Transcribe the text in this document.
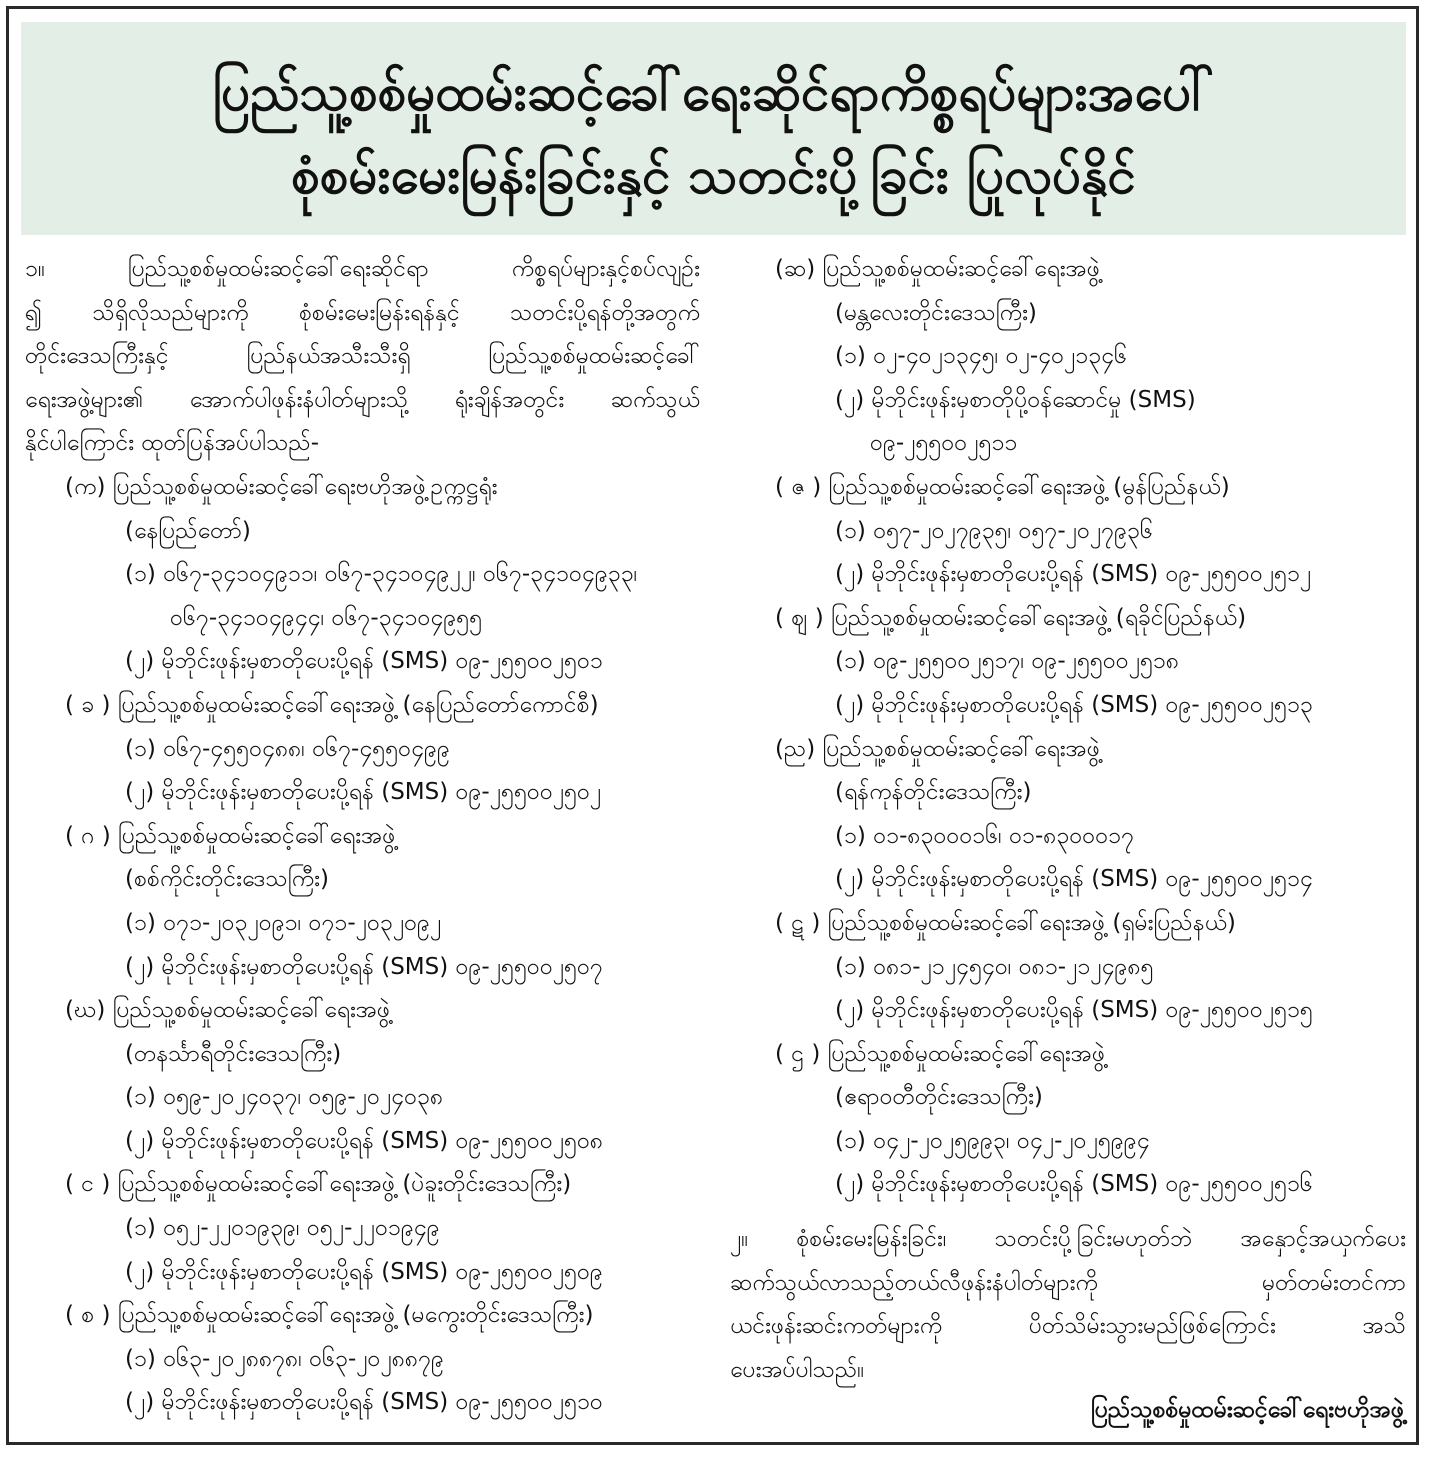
ပြည်သူ့စစ်မှုထမ်းဆင့်ခေါ်ရေးဆိုင်ရာကိစ္စရပ်များအပေါ်
စုံစမ်းမေးမြန်းခြင်းနှင့် သတင်းပို့ခြင်း ပြုလုပ်နိုင်
၁။ ပြည်သူ့စစ်မှုထမ်းဆင့်ခေါ်ရေးဆိုင်ရာ ကိစ္စရပ်များနှင့်စပ်လျဉ်း
၍ သိရှိလိုသည်များကို စုံစမ်းမေးမြန်းရန်နှင့် သတင်းပို့ရန်တို့အတွက်
တိုင်းဒေသကြီးနှင့် ပြည်နယ်အသီးသီးရှိ ပြည်သူ့စစ်မှုထမ်းဆင့်ခေါ်
ရေးအဖွဲ့များ၏ အောက်ပါဖုန်းနံပါတ်များသို့ ရုံးချိန်အတွင်း ဆက်သွယ်
နိုင်ပါကြောင်း ထုတ်ပြန်အပ်ပါသည်-
(က) ပြည်သူ့စစ်မှုထမ်းဆင့်ခေါ်ရေးဗဟိုအဖွဲ့ဥက္ကဋ္ဌရုံး
(နေပြည်တော်)
(၁) ၀၆၇-၃၄၁၀၄၉၁၁၊ ၀၆၇-၃၄၁၀၄၉၂၂၊ ၀၆၇-၃၄၁၀၄၉၃၃၊
၀၆၇-၃၄၁၀၄၉၄၄၊ ၀၆၇-၃၄၁၀၄၉၅၅
(၂) မိုဘိုင်းဖုန်းမှစာတိုပေးပို့ရန် (SMS) ၀၉-၂၅၅၀၀၂၅၀၁
( ခ ) ပြည်သူ့စစ်မှုထမ်းဆင့်ခေါ်ရေးအဖွဲ့ (နေပြည်တော်ကောင်စီ)
(၁) ၀၆၇-၄၅၅၀၄၈၈၊ ၀၆၇-၄၅၅၀၄၉၉
(၂) မိုဘိုင်းဖုန်းမှစာတိုပေးပို့ရန် (SMS) ၀၉-၂၅၅၀၀၂၅၀၂
( ဂ ) ပြည်သူ့စစ်မှုထမ်းဆင့်ခေါ်ရေးအဖွဲ့
(စစ်ကိုင်းတိုင်းဒေသကြီး)
(၁) ၀၇၁-၂၀၃၂၀၉၁၊ ၀၇၁-၂၀၃၂၀၉၂
(၂) မိုဘိုင်းဖုန်းမှစာတိုပေးပို့ရန် (SMS) ၀၉-၂၅၅၀၀၂၅၀၇
(ဃ) ပြည်သူ့စစ်မှုထမ်းဆင့်ခေါ်ရေးအဖွဲ့
(တနင်္သာရီတိုင်းဒေသကြီး)
(၁) ၀၅၉-၂၀၂၄၀၃၇၊ ၀၅၉-၂၀၂၄၀၃၈
(၂) မိုဘိုင်းဖုန်းမှစာတိုပေးပို့ရန် (SMS) ၀၉-၂၅၅၀၀၂၅၀၈
( င ) ပြည်သူ့စစ်မှုထမ်းဆင့်ခေါ်ရေးအဖွဲ့ (ပဲခူးတိုင်းဒေသကြီး)
(၁) ၀၅၂-၂၂၀၁၉၃၉၊ ၀၅၂-၂၂၀၁၉၄၉
(၂) မိုဘိုင်းဖုန်းမှစာတိုပေးပို့ရန် (SMS) ၀၉-၂၅၅၀၀၂၅၀၉
( စ ) ပြည်သူ့စစ်မှုထမ်းဆင့်ခေါ်ရေးအဖွဲ့ (မကွေးတိုင်းဒေသကြီး)
(၁) ၀၆၃-၂၀၂၈၈၇၈၊ ၀၆၃-၂၀၂၈၈၇၉
(၂) မိုဘိုင်းဖုန်းမှစာတိုပေးပို့ရန် (SMS) ၀၉-၂၅၅၀၀၂၅၁၀
(ဆ) ပြည်သူ့စစ်မှုထမ်းဆင့်ခေါ်ရေးအဖွဲ့
(မန္တလေးတိုင်းဒေသကြီး)
(၁) ၀၂-၄၀၂၁၃၄၅၊ ၀၂-၄၀၂၁၃၄၆
(၂) မိုဘိုင်းဖုန်းမှစာတိုပို့ဝန်ဆောင်မှု (SMS)
၀၉-၂၅၅၀၀၂၅၁၁
( ဇ ) ပြည်သူ့စစ်မှုထမ်းဆင့်ခေါ်ရေးအဖွဲ့ (မွန်ပြည်နယ်)
(၁) ၀၅၇-၂၀၂၇၉၃၅၊ ၀၅၇-၂၀၂၇၉၃၆
(၂) မိုဘိုင်းဖုန်းမှစာတိုပေးပို့ရန် (SMS) ၀၉-၂၅၅၀၀၂၅၁၂
( ဈ ) ပြည်သူ့စစ်မှုထမ်းဆင့်ခေါ်ရေးအဖွဲ့ (ရခိုင်ပြည်နယ်)
(၁) ၀၉-၂၅၅၀၀၂၅၁၇၊ ၀၉-၂၅၅၀၀၂၅၁၈
(၂) မိုဘိုင်းဖုန်းမှစာတိုပေးပို့ရန် (SMS) ၀၉-၂၅၅၀၀၂၅၁၃
(ည) ပြည်သူ့စစ်မှုထမ်းဆင့်ခေါ်ရေးအဖွဲ့
(ရန်ကုန်တိုင်းဒေသကြီး)
(၁) ၀၁-၈၃၀၀၀၁၆၊ ၀၁-၈၃၀၀၀၁၇
(၂) မိုဘိုင်းဖုန်းမှစာတိုပေးပို့ရန် (SMS) ၀၉-၂၅၅၀၀၂၅၁၄
( ဋ ) ပြည်သူ့စစ်မှုထမ်းဆင့်ခေါ်ရေးအဖွဲ့ (ရှမ်းပြည်နယ်)
(၁) ၀၈၁-၂၁၂၄၅၄၀၊ ၀၈၁-၂၁၂၄၉၈၅
(၂) မိုဘိုင်းဖုန်းမှစာတိုပေးပို့ရန် (SMS) ၀၉-၂၅၅၀၀၂၅၁၅
( ဌ ) ပြည်သူ့စစ်မှုထမ်းဆင့်ခေါ်ရေးအဖွဲ့
(ဧရာဝတီတိုင်းဒေသကြီး)
(၁) ၀၄၂-၂၀၂၅၉၉၃၊ ၀၄၂-၂၀၂၅၉၉၄
(၂) မိုဘိုင်းဖုန်းမှစာတိုပေးပို့ရန် (SMS) ၀၉-၂၅၅၀၀၂၅၁၆
၂။ စုံစမ်းမေးမြန်းခြင်း၊ သတင်းပို့ခြင်းမဟုတ်ဘဲ အနှောင့်အယှက်ပေး
ဆက်သွယ်လာသည့်တယ်လီဖုန်းနံပါတ်များကို မှတ်တမ်းတင်ကာ
ယင်းဖုန်းဆင်းကတ်များကို ပိတ်သိမ်းသွားမည်ဖြစ်ကြောင်း အသိ
ပေးအပ်ပါသည်။
ပြည်သူ့စစ်မှုထမ်းဆင့်ခေါ်ရေးဗဟိုအဖွဲ့
